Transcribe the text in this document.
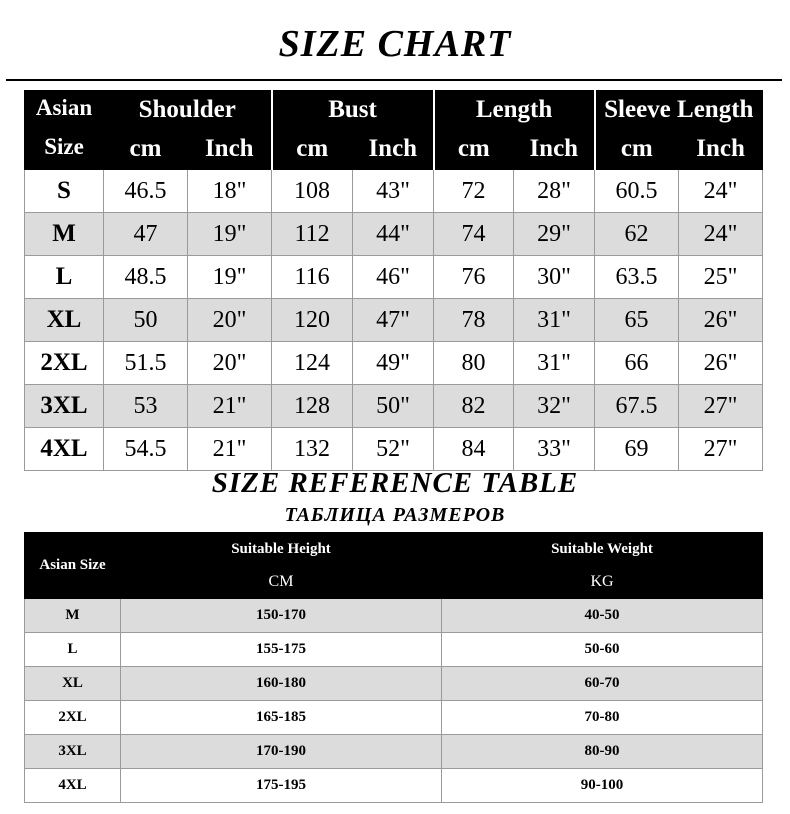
SIZE CHART
Asian
Size	Shoulder		Bust		Length		Sleeve Length	
	cm	Inch	cm	Inch	cm	Inch	cm	Inch
S	46.5	18"	108	43"	72	28"	60.5	24"
M	47	19"	112	44"	74	29"	62	24"
L	48.5	19"	116	46"	76	30"	63.5	25"
XL	50	20"	120	47"	78	31"	65	26"
2XL	51.5	20"	124	49"	80	31"	66	26"
3XL	53	21"	128	50"	82	32"	67.5	27"
4XL	54.5	21"	132	52"	84	33"	69	27"
SIZE REFERENCE TABLE
ТАБЛИЦА РАЗМЕРОВ
Asian Size	Suitable Height	Suitable Weight
	CM	KG
M	150-170	40-50
L	155-175	50-60
XL	160-180	60-70
2XL	165-185	70-80
3XL	170-190	80-90
4XL	175-195	90-100
